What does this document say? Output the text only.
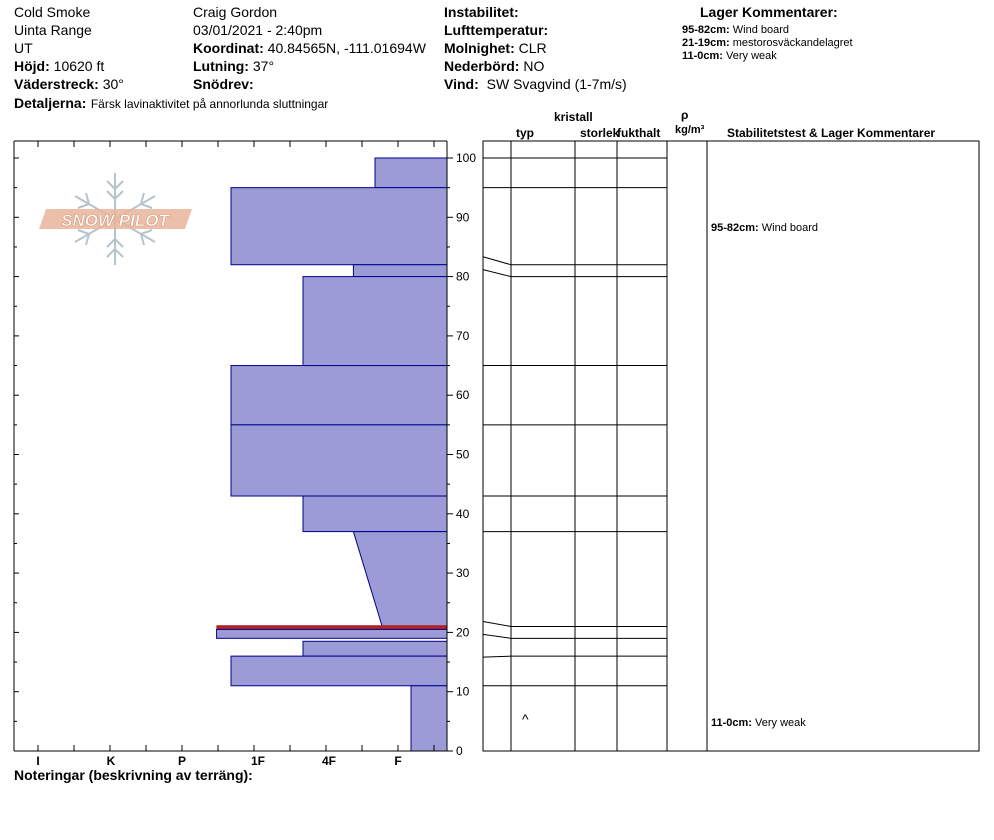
Cold Smoke
Uinta Range
UT
Höjd: 10620 ft
Väderstreck: 30°
Detaljerna: Färsk lavinaktivitet på annorlunda sluttningar
Craig Gordon
03/01/2021 - 2:40pm
Koordinat: 40.84565N, -111.01694W
Lutning: 37°
Snödrev:
Instabilitet:
Lufttemperatur:
Molnighet: CLR
Nederbörd: NO
Vind: SW Svagvind (1-7m/s)
Lager Kommentarer:
95-82cm: Wind board
21-19cm: mestorosväckandelagret
11-0cm: Very weak
kristall
typ	storlek
fukthalt
ρ
kg/m³ Stabilitetstest & Lager Kommentarer
95-82cm: Wind board
11-0cm: Very weak
^
Noteringar (beskrivning av terräng):
SNOW PILOT
0
10
20
30
40
50
60
70
80
90
100
I	K	P	1F	4F	F
